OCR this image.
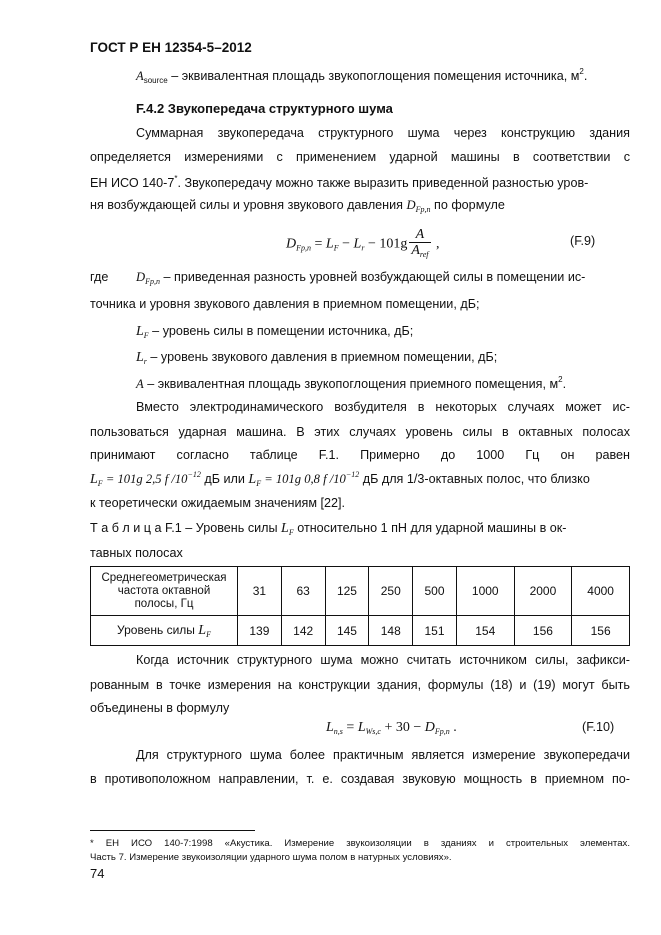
ГОСТ Р ЕН 12354-5–2012
$A_{source}$ – эквивалентная площадь звукопоглощения помещения источника, $м^2$.
F.4.2 Звукопередача структурного шума
Суммарная звукопередача структурного шума через конструкцию здания
определяется измерениями с применением ударной машины в соответствии с
ЕН ИСО 140-7*. Звукопередачу можно также выразить приведенной разностью уров-
ня возбуждающей силы и уровня звукового давления $D_{Fp,n}$ по формуле
$D_{Fp,n} = L_F - L_r - 101g \frac{A}{A_{ref}}$ ,	(F.9)
где $D_{Fp,n}$ – приведенная разность уровней возбуждающей силы в помещении ис-
точника и уровня звукового давления в приемном помещении, дБ;
$L_F$ – уровень силы в помещении источника, дБ;
$L_r$ – уровень звукового давления в приемном помещении, дБ;
A – эквивалентная площадь звукопоглощения приемного помещения, $м^2$.
Вместо электродинамического возбудителя в некоторых случаях может ис-
пользоваться ударная машина. В этих случаях уровень силы в октавных полосах
принимают согласно таблице F.1. Примерно до 1000 Гц он равен
$L_F = 101g$ 2,5 f $/10^{-12}$ дБ или $L_F = 101g$ 0,8 f $/10^{-12}$ дБ для 1/3-октавных полос, что близко
к теоретически ожидаемым значениям [22].
Т а б л и ц а F.1 – Уровень силы $L_F$ относительно 1 пН для ударной машины в ок-
тавных полосах
Среднегеометрическая
частота октавной
полосы, Гц	31	63	125	250	500	1000	2000	4000
Уровень силы $L_F$	139	142	145	148	151	154	156	156
Когда источник структурного шума можно считать источником силы, зафикси-
рованным в точке измерения на конструкции здания, формулы (18) и (19) могут быть
объединены в формулу
$L_{n,s} = L_{Ws,c} + 30 - D_{Fp,n}$ .	(F.10)
Для структурного шума более практичным является измерение звукопередачи
в противоположном направлении, т. е. создавая звуковую мощность в приемном по-
* ЕН ИСО 140-7:1998 «Акустика. Измерение звукоизоляции в зданиях и строительных элементах.
Часть 7. Измерение звукоизоляции ударного шума полом в натурных условиях».
74
